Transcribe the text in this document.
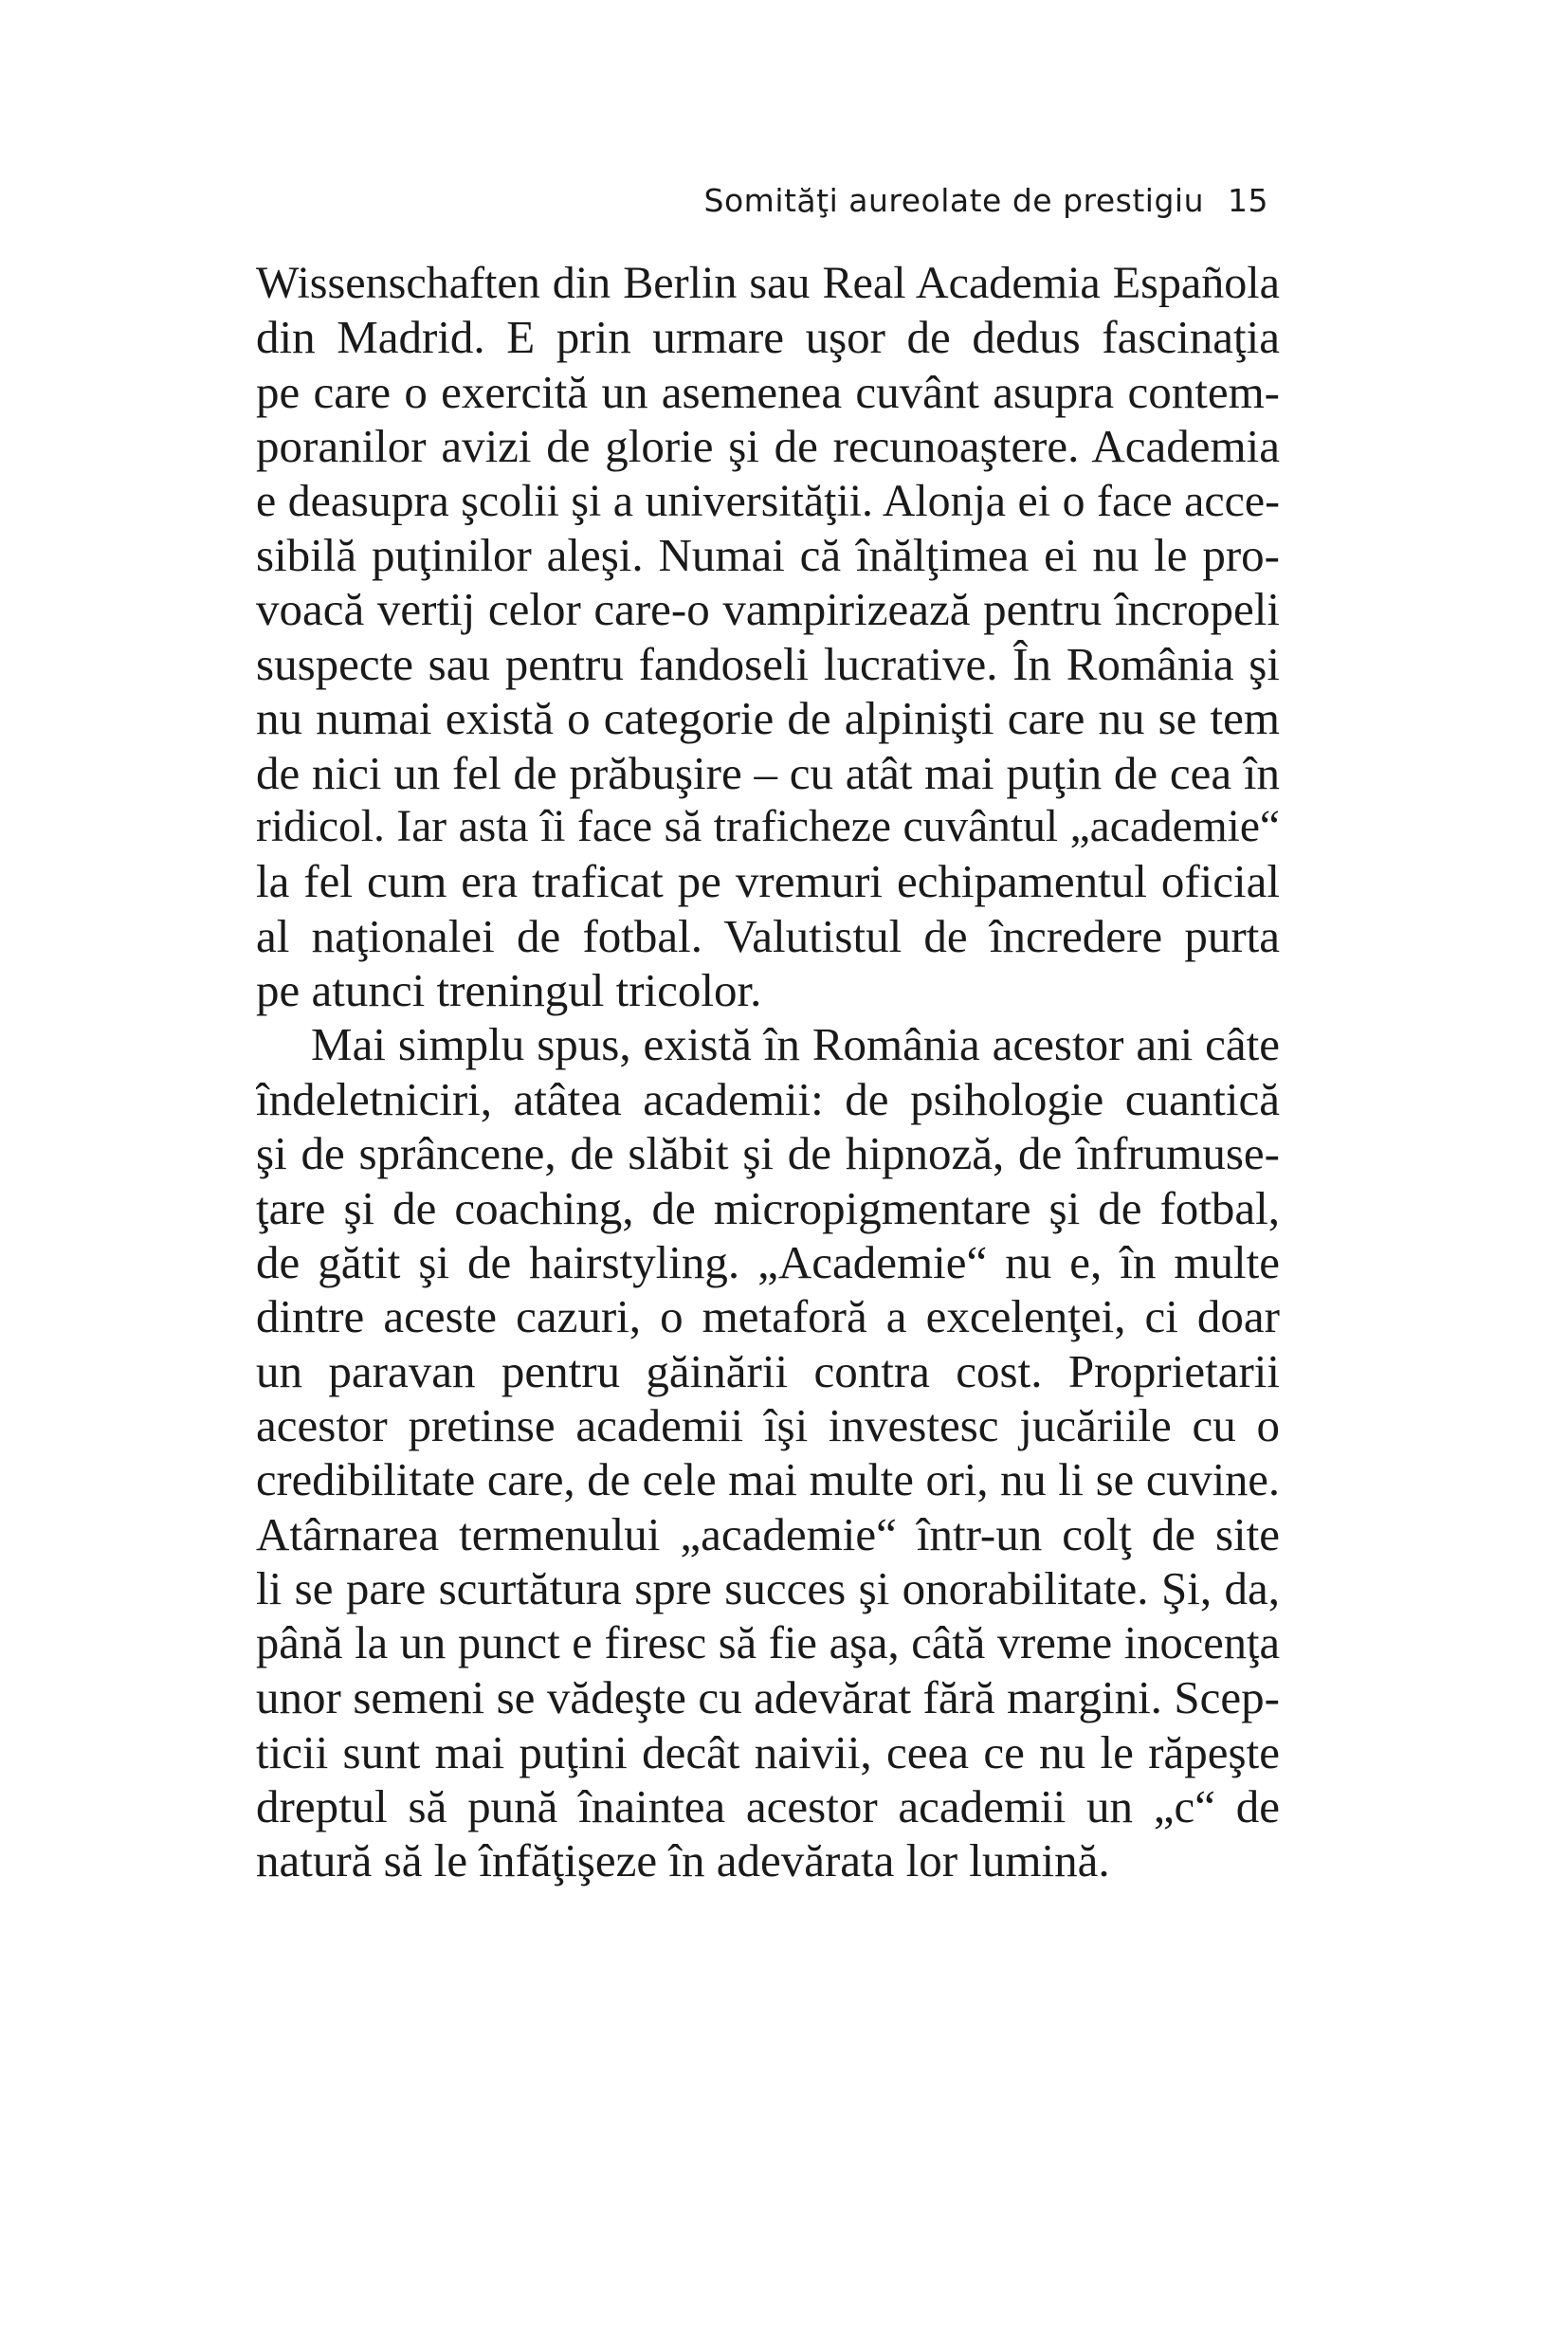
Somităţi aureolate de prestigiu 15
Wissenschaften din Berlin sau Real Academia Española
din Madrid. E prin urmare uşor de dedus fascinaţia
pe care o exercită un asemenea cuvânt asupra contem-
poranilor avizi de glorie şi de recunoaştere. Academia
e deasupra şcolii şi a universităţii. Alonja ei o face acce-
sibilă puţinilor aleşi. Numai că înălţimea ei nu le pro-
voacă vertij celor care-o vampirizează pentru încropeli
suspecte sau pentru fandoseli lucrative. În România şi
nu numai există o categorie de alpinişti care nu se tem
de nici un fel de prăbuşire – cu atât mai puţin de cea în
ridicol. Iar asta îi face să traficheze cuvântul „academie“
la fel cum era traficat pe vremuri echipamentul oficial
al naţionalei de fotbal. Valutistul de încredere purta
pe atunci treningul tricolor.
Mai simplu spus, există în România acestor ani câte
îndeletniciri, atâtea academii: de psihologie cuantică
şi de sprâncene, de slăbit şi de hipnoză, de înfrumuse-
ţare şi de coaching, de micropigmentare şi de fotbal,
de gătit şi de hairstyling. „Academie“ nu e, în multe
dintre aceste cazuri, o metaforă a excelenţei, ci doar
un paravan pentru găinării contra cost. Proprietarii
acestor pretinse academii îşi investesc jucăriile cu o
credibilitate care, de cele mai multe ori, nu li se cuvine.
Atârnarea termenului „academie“ într-un colţ de site
li se pare scurtătura spre succes şi onorabilitate. Şi, da,
până la un punct e firesc să fie aşa, câtă vreme inocenţa
unor semeni se vădeşte cu adevărat fără margini. Scep-
ticii sunt mai puţini decât naivii, ceea ce nu le răpeşte
dreptul să pună înaintea acestor academii un „c“ de
natură să le înfăţişeze în adevărata lor lumină.
